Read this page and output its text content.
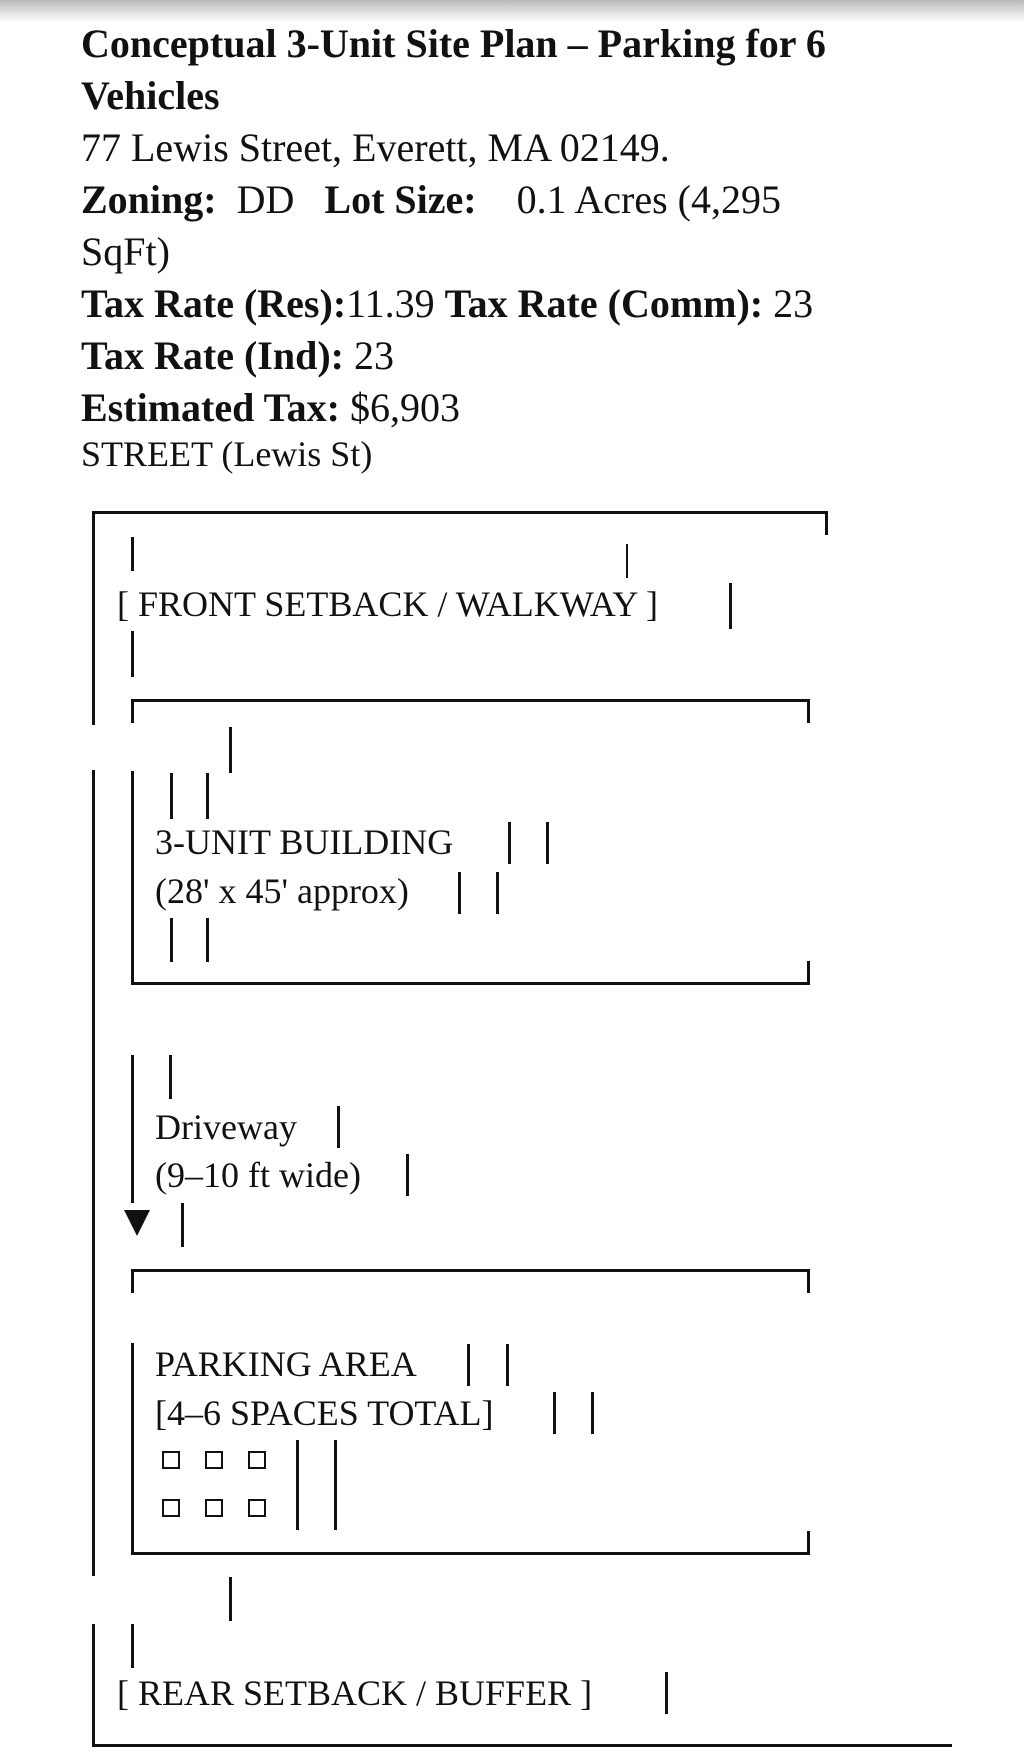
Conceptual 3-Unit Site Plan – Parking for 6
Vehicles
77 Lewis Street, Everett, MA 02149.
Zoning: DD Lot Size: 0.1 Acres (4,295
SqFt)
Tax Rate (Res):11.39 Tax Rate (Comm): 23
Tax Rate (Ind): 23
Estimated Tax: $6,903
STREET (Lewis St)
[ FRONT SETBACK / WALKWAY ]
3-UNIT BUILDING
(28' x 45' approx)
Driveway
(9–10 ft wide)
PARKING AREA
[4–6 SPACES TOTAL]
[ REAR SETBACK / BUFFER ]
